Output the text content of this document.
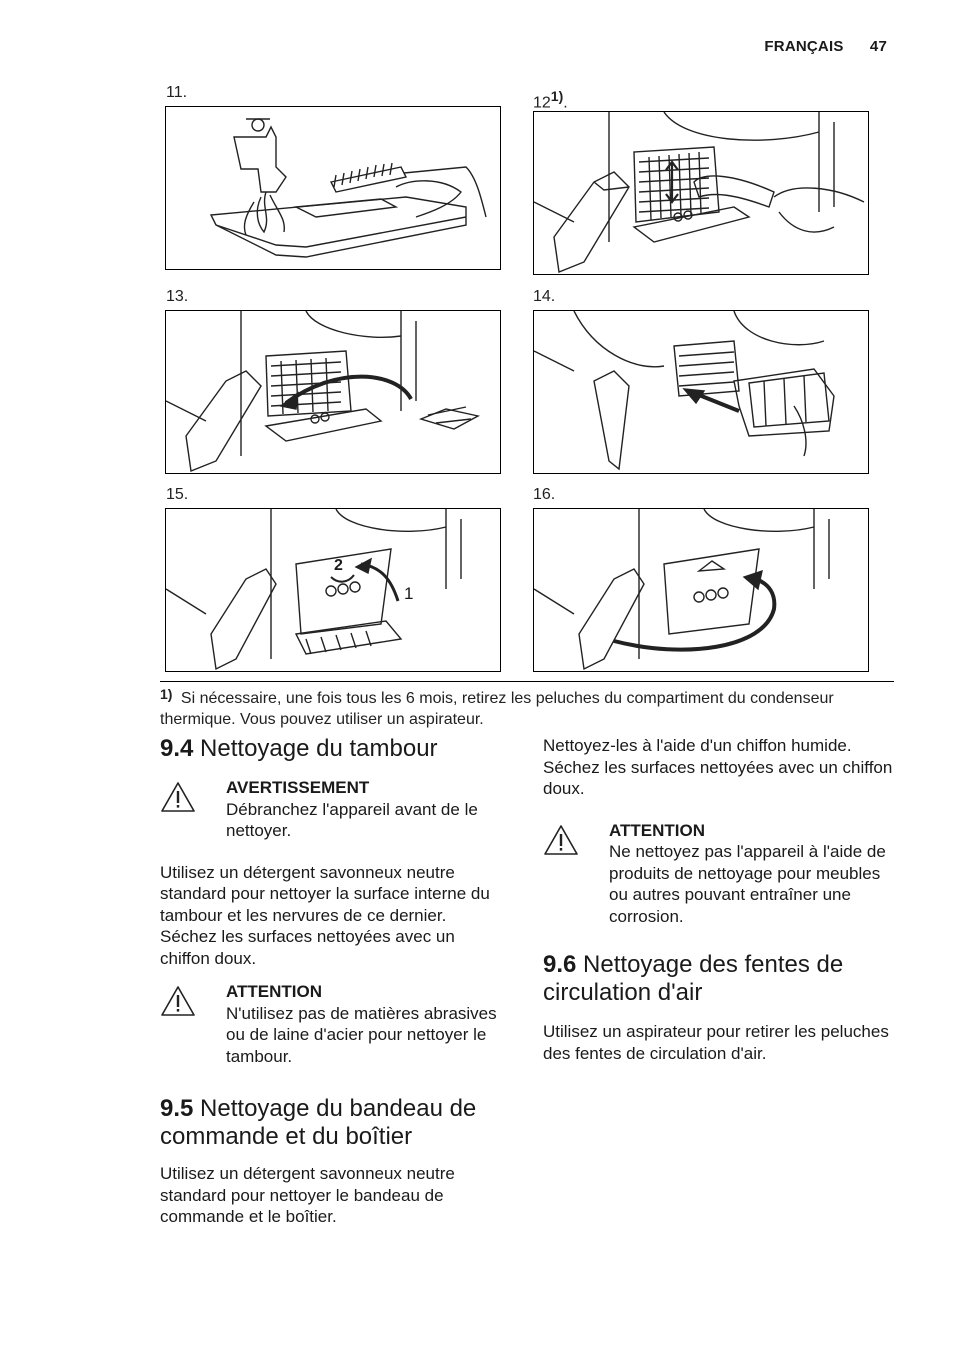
FRANÇAIS 47
11.
12$^{1)}$.
13.	14.
15.	16.
2
1
1) Si nécessaire, une fois tous les 6 mois, retirez les peluches du compartiment du condenseur thermique. Vous pouvez utiliser un aspirateur.
9.4 Nettoyage du tambour
AVERTISSEMENT

Débranchez l'appareil avant de le nettoyer.

Utilisez un détergent savonneux neutre standard pour nettoyer la surface interne du tambour et les nervures de ce dernier. Séchez les surfaces nettoyées avec un chiffon doux.

ATTENTION

N'utilisez pas de matières abrasives ou de laine d'acier pour nettoyer le tambour.

9.5 Nettoyage du bandeau de commande et du boîtier

Utilisez un détergent savonneux neutre standard pour nettoyer le bandeau de commande et le boîtier.

Nettoyez-les à l'aide d'un chiffon humide. Séchez les surfaces nettoyées avec un chiffon doux.

ATTENTION

Ne nettoyez pas l'appareil à l'aide de produits de nettoyage pour meubles ou autres pouvant entraîner une corrosion.

9.6 Nettoyage des fentes de circulation d'air

Utilisez un aspirateur pour retirer les peluches des fentes de circulation d'air.
